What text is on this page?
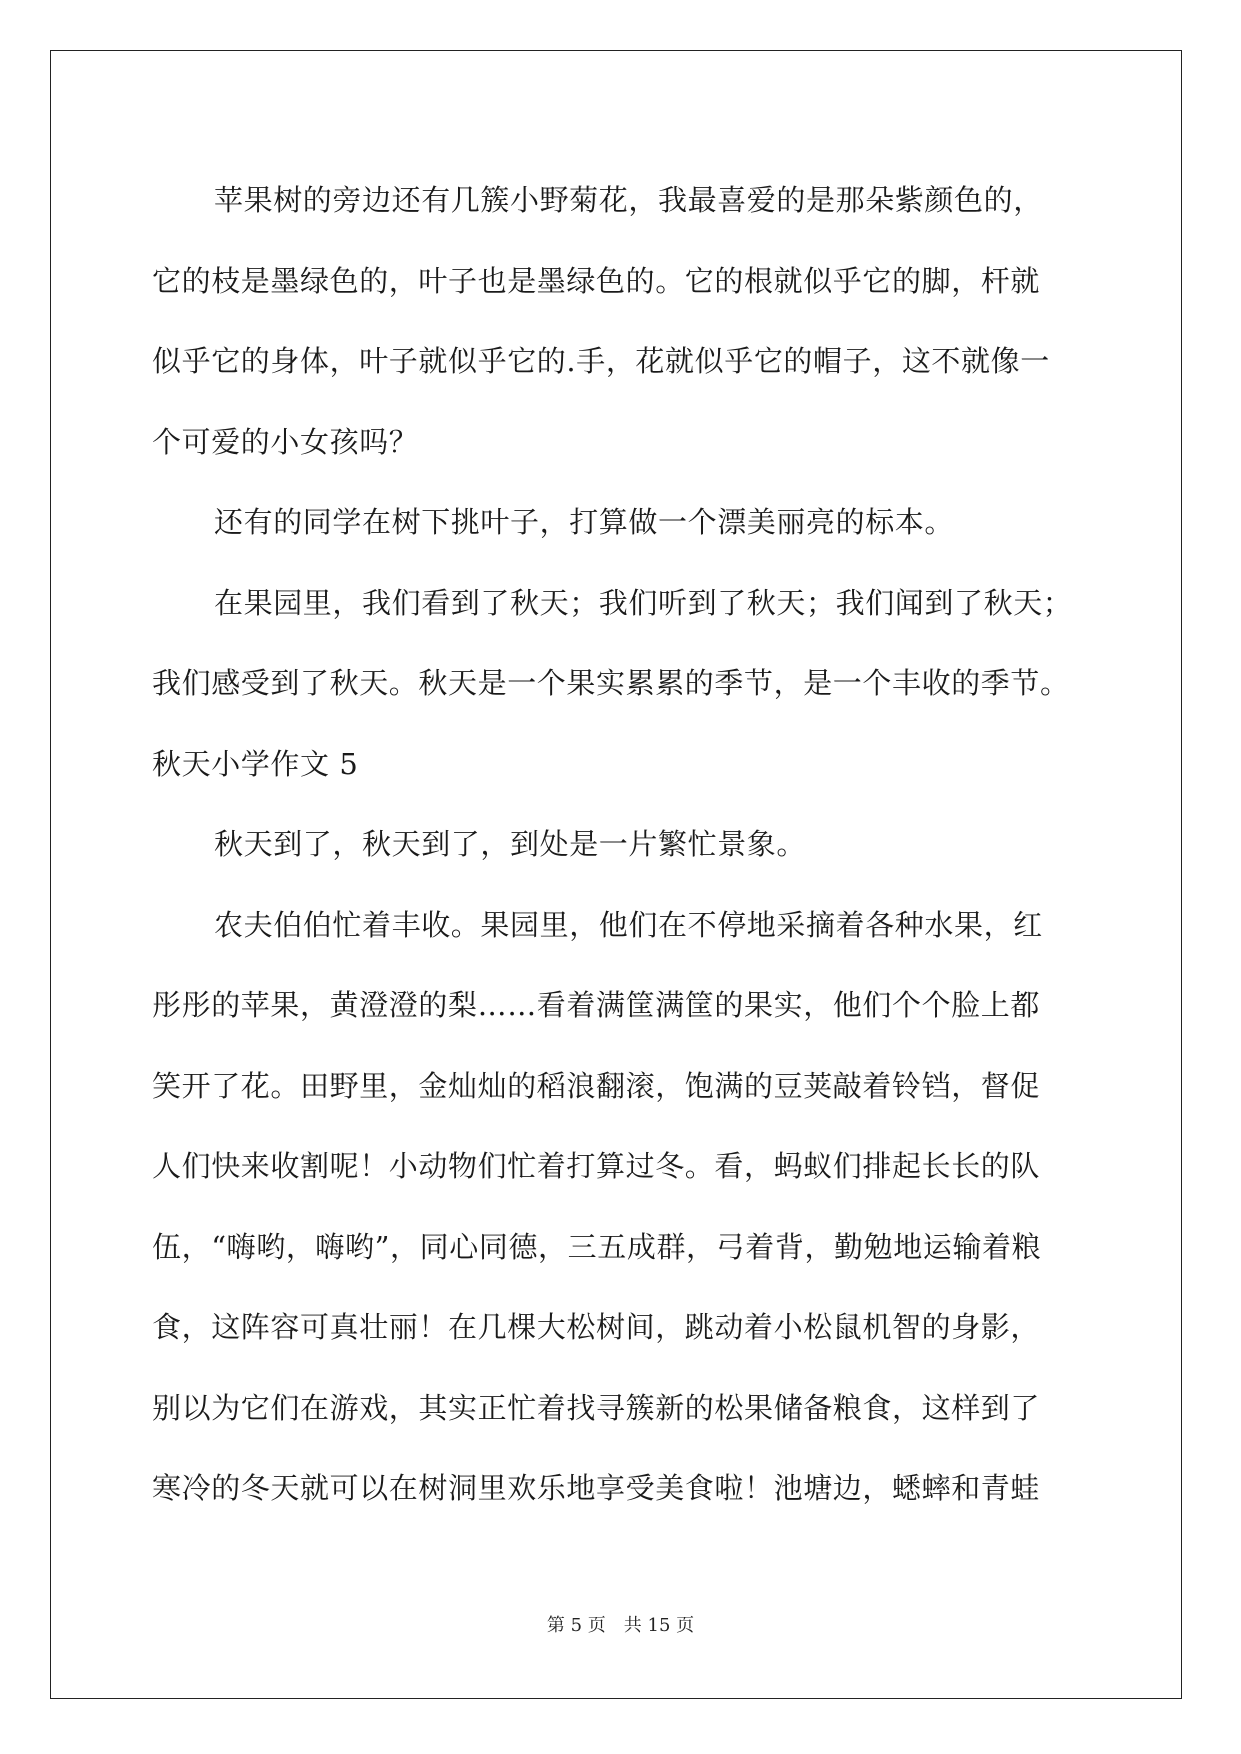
苹果树的旁边还有几簇小野菊花，我最喜爱的是那朵紫颜色的，
它的枝是墨绿色的，叶子也是墨绿色的。它的根就似乎它的脚，杆就
似乎它的身体，叶子就似乎它的.手，花就似乎它的帽子，这不就像一
个可爱的小女孩吗？
还有的同学在树下挑叶子，打算做一个漂美丽亮的标本。
在果园里，我们看到了秋天；我们听到了秋天；我们闻到了秋天；
我们感受到了秋天。秋天是一个果实累累的季节，是一个丰收的季节。
秋天小学作文 5
秋天到了，秋天到了，到处是一片繁忙景象。
农夫伯伯忙着丰收。果园里，他们在不停地采摘着各种水果，红
彤彤的苹果，黄澄澄的梨……看着满筐满筐的果实，他们个个脸上都
笑开了花。田野里，金灿灿的稻浪翻滚，饱满的豆荚敲着铃铛，督促
人们快来收割呢！小动物们忙着打算过冬。看，蚂蚁们排起长长的队
伍，“嗨哟，嗨哟”，同心同德，三五成群，弓着背，勤勉地运输着粮
食，这阵容可真壮丽！在几棵大松树间，跳动着小松鼠机智的身影，
别以为它们在游戏，其实正忙着找寻簇新的松果储备粮食，这样到了
寒冷的冬天就可以在树洞里欢乐地享受美食啦！池塘边，蟋蟀和青蛙
第 5 页　共 15 页
